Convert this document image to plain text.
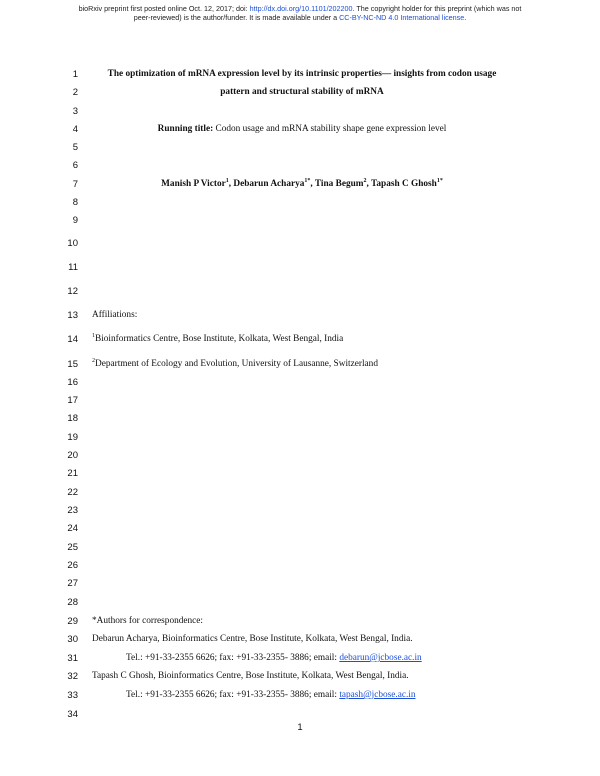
bioRxiv preprint first posted online Oct. 12, 2017; doi: http://dx.doi.org/10.1101/202200. The copyright holder for this preprint (which was not
peer-reviewed) is the author/funder. It is made available under a CC-BY-NC-ND 4.0 International license.
1
2
3
4
5
6
7
8
9
10
11
12
13
14
15
16
17
18
19
20
21
22
23
24
25
26
27
28
29
30
31
32
33
34
The optimization of mRNA expression level by its intrinsic properties— insights from codon usage
pattern and structural stability of mRNA
Running title: Codon usage and mRNA stability shape gene expression level
Manish P Victor$^1$, Debarun Acharya$^{1*}$, Tina Begum$^2$, Tapash C Ghosh$^{1*}$
Affiliations:
$^1$Bioinformatics Centre, Bose Institute, Kolkata, West Bengal, India
$^2$Department of Ecology and Evolution, University of Lausanne, Switzerland
*Authors for correspondence:
Debarun Acharya, Bioinformatics Centre, Bose Institute, Kolkata, West Bengal, India.
Tel.: +91-33-2355 6626; fax: +91-33-2355- 3886; email: debarun@jcbose.ac.in
Tapash C Ghosh, Bioinformatics Centre, Bose Institute, Kolkata, West Bengal, India.
Tel.: +91-33-2355 6626; fax: +91-33-2355- 3886; email: tapash@jcbose.ac.in
1
